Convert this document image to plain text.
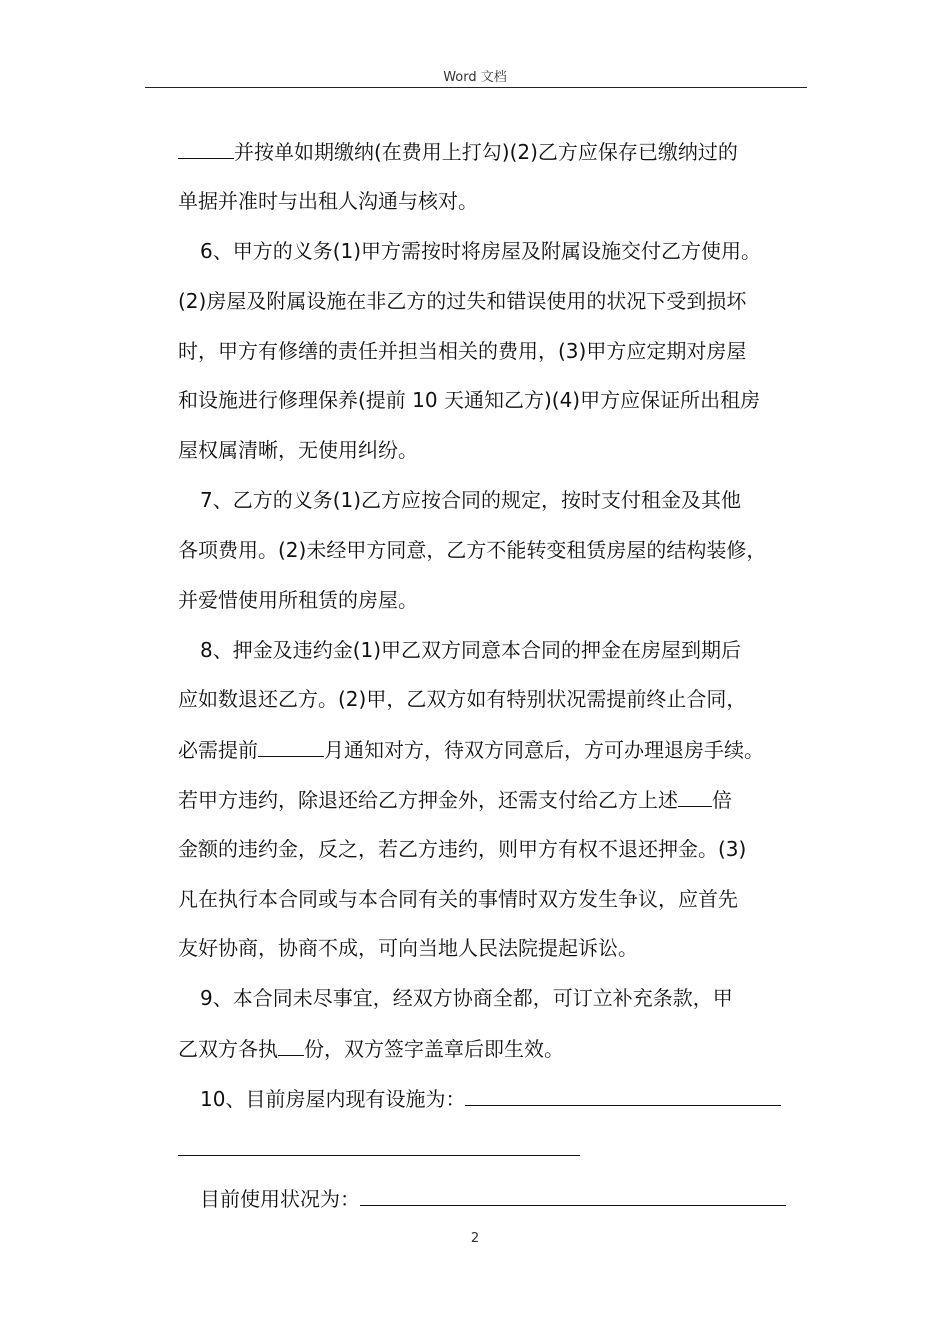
Word 文档
并按单如期缴纳(在费用上打勾)(2)乙方应保存已缴纳过的
单据并准时与出租人沟通与核对。
6、甲方的义务(1)甲方需按时将房屋及附属设施交付乙方使用。
(2)房屋及附属设施在非乙方的过失和错误使用的状况下受到损坏
时，甲方有修缮的责任并担当相关的费用，(3)甲方应定期对房屋
和设施进行修理保养(提前 10 天通知乙方)(4)甲方应保证所出租房
屋权属清晰，无使用纠纷。
7、乙方的义务(1)乙方应按合同的规定，按时支付租金及其他
各项费用。(2)未经甲方同意，乙方不能转变租赁房屋的结构装修，
并爱惜使用所租赁的房屋。
8、押金及违约金(1)甲乙双方同意本合同的押金在房屋到期后
应如数退还乙方。(2)甲，乙双方如有特别状况需提前终止合同，
必需提前	月通知对方，待双方同意后，方可办理退房手续。
若甲方违约，除退还给乙方押金外，还需支付给乙方上述 倍
金额的违约金，反之，若乙方违约，则甲方有权不退还押金。(3)
凡在执行本合同或与本合同有关的事情时双方发生争议，应首先
友好协商，协商不成，可向当地人民法院提起诉讼。
9、本合同未尽事宜，经双方协商全都，可订立补充条款，甲
乙双方各执 份，双方签字盖章后即生效。
10、目前房屋内现有设施为：
目前使用状况为：
2
